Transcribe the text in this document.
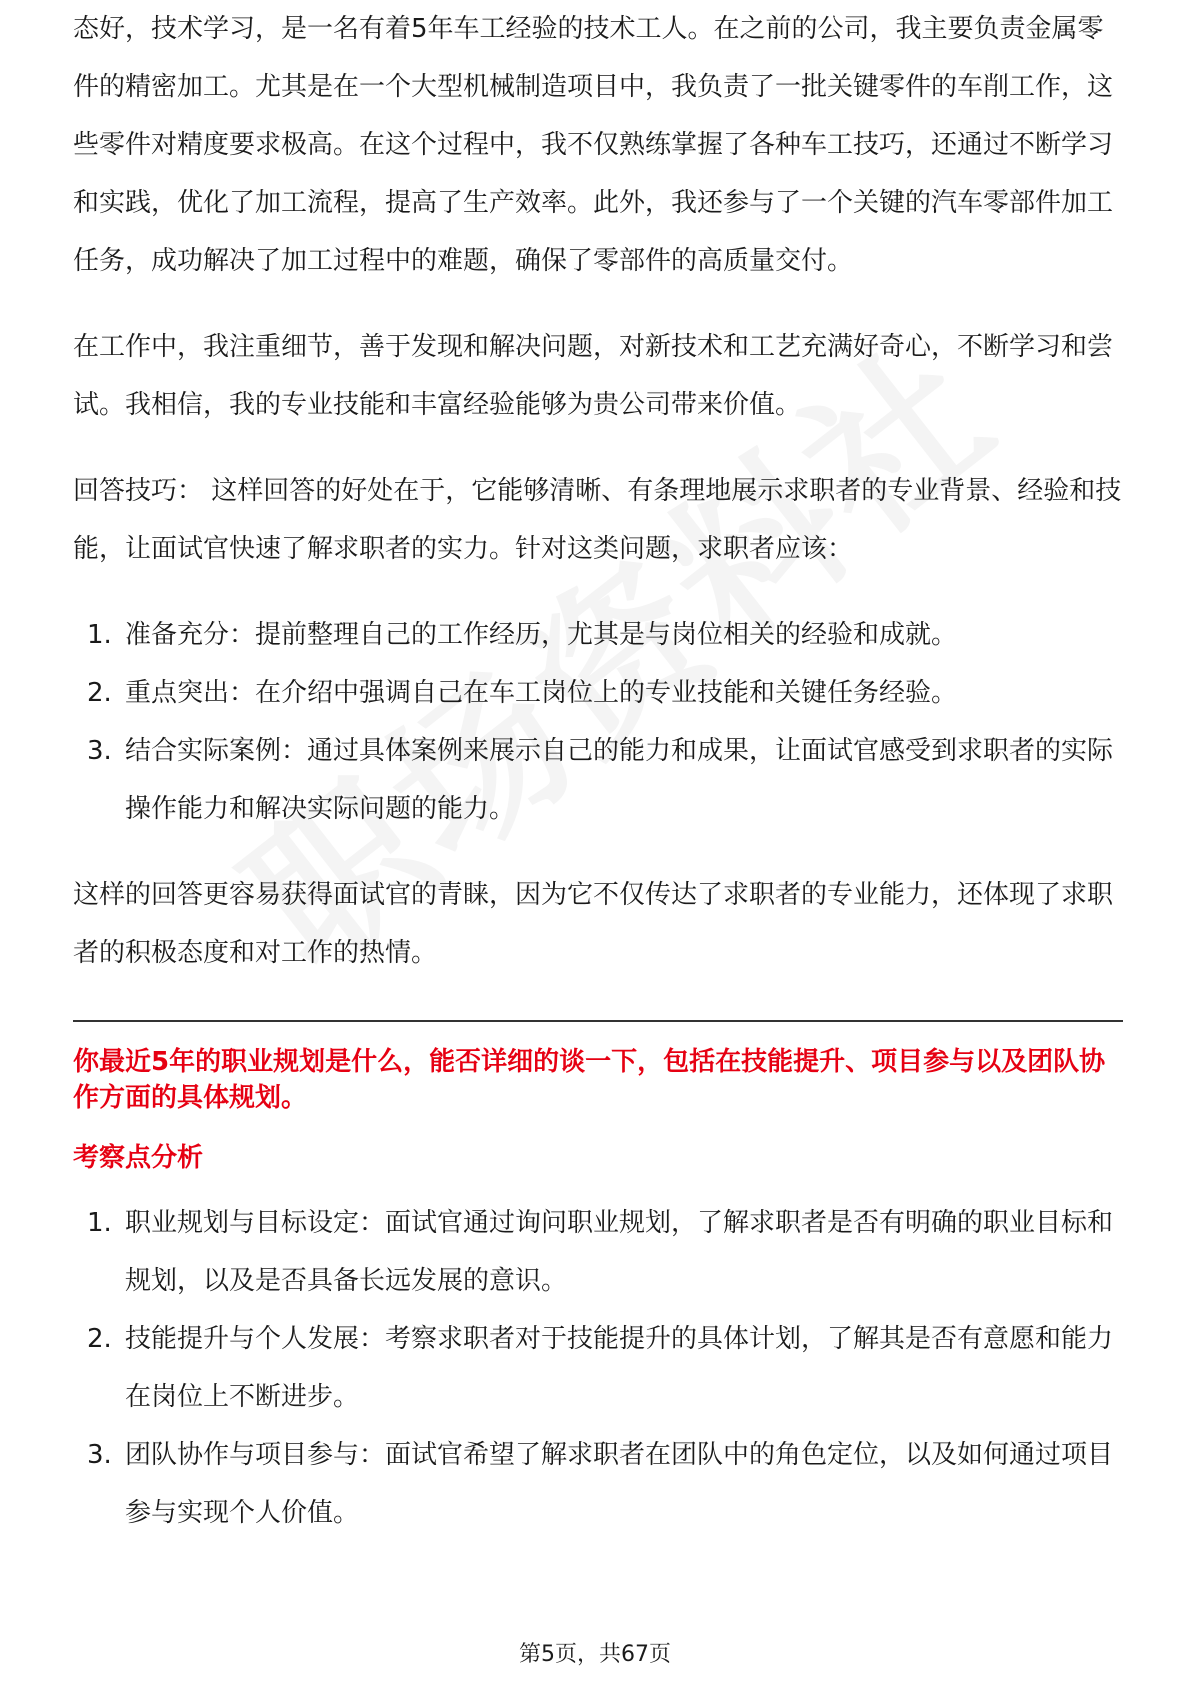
态好，技术学习，是一名有着5年车工经验的技术工人。在之前的公司，我主要负责金属零件的精密加工。尤其是在一个大型机械制造项目中，我负责了一批关键零件的车削工作，这些零件对精度要求极高。在这个过程中，我不仅熟练掌握了各种车工技巧，还通过不断学习和实践，优化了加工流程，提高了生产效率。此外，我还参与了一个关键的汽车零部件加工任务，成功解决了加工过程中的难题，确保了零部件的高质量交付。

在工作中，我注重细节，善于发现和解决问题，对新技术和工艺充满好奇心，不断学习和尝试。我相信，我的专业技能和丰富经验能够为贵公司带来价值。

回答技巧： 这样回答的好处在于，它能够清晰、有条理地展示求职者的专业背景、经验和技能，让面试官快速了解求职者的实力。针对这类问题，求职者应该：

1. 准备充分：提前整理自己的工作经历，尤其是与岗位相关的经验和成就。
2. 重点突出：在介绍中强调自己在车工岗位上的专业技能和关键任务经验。
3. 结合实际案例：通过具体案例来展示自己的能力和成果，让面试官感受到求职者的实际操作能力和解决实际问题的能力。

这样的回答更容易获得面试官的青睐，因为它不仅传达了求职者的专业能力，还体现了求职者的积极态度和对工作的热情。

你最近5年的职业规划是什么，能否详细的谈一下，包括在技能提升、项目参与以及团队协作方面的具体规划。

考察点分析

1. 职业规划与目标设定：面试官通过询问职业规划，了解求职者是否有明确的职业目标和规划，以及是否具备长远发展的意识。
2. 技能提升与个人发展：考察求职者对于技能提升的具体计划，了解其是否有意愿和能力在岗位上不断进步。
3. 团队协作与项目参与：面试官希望了解求职者在团队中的角色定位，以及如何通过项目参与实现个人价值。
第5页，共67页
